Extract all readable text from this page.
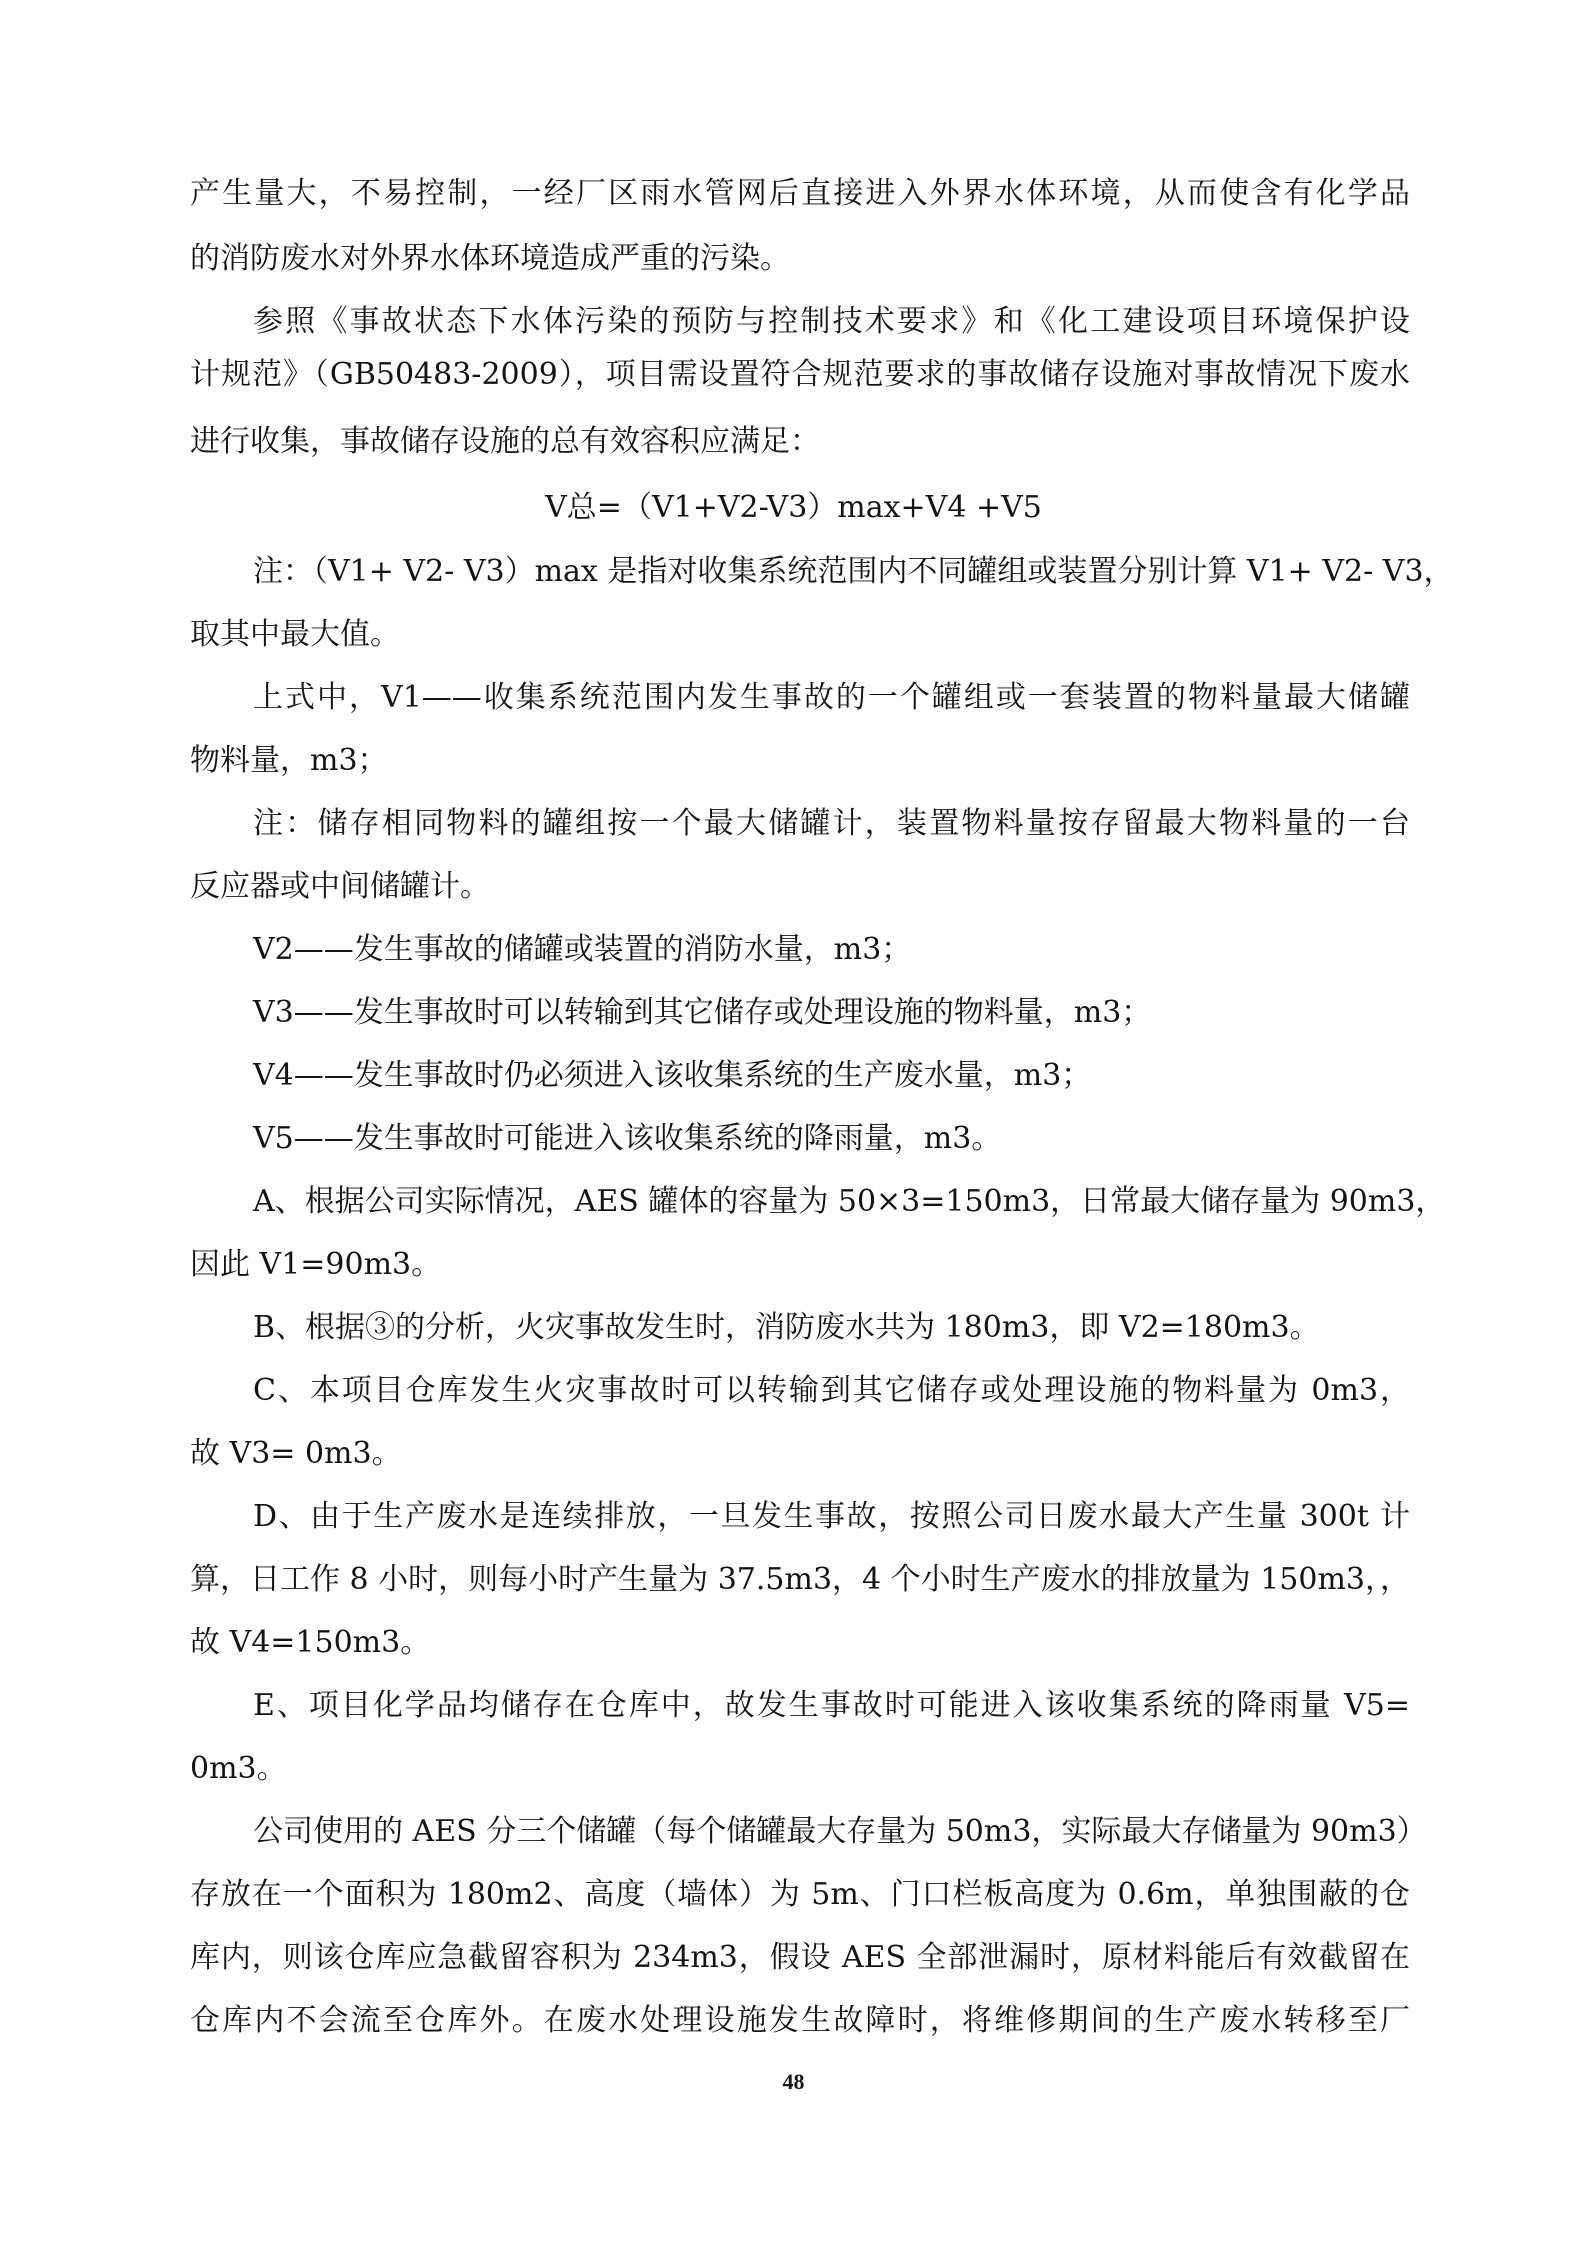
产生量大，不易控制，一经厂区雨水管网后直接进入外界水体环境，从而使含有化学品
的消防废水对外界水体环境造成严重的污染。
参照《事故状态下水体污染的预防与控制技术要求》和《化工建设项目环境保护设
计规范》（GB50483-2009），项目需设置符合规范要求的事故储存设施对事故情况下废水
进行收集，事故储存设施的总有效容积应满足：
V总=（V1+V2-V3）max+V4 +V5
注：（V1+ V2- V3）max 是指对收集系统范围内不同罐组或装置分别计算 V1+ V2- V3，
取其中最大值。
上式中，V1——收集系统范围内发生事故的一个罐组或一套装置的物料量最大储罐
物料量，m3；
注：储存相同物料的罐组按一个最大储罐计，装置物料量按存留最大物料量的一台
反应器或中间储罐计。
V2——发生事故的储罐或装置的消防水量，m3；
V3——发生事故时可以转输到其它储存或处理设施的物料量，m3；
V4——发生事故时仍必须进入该收集系统的生产废水量，m3；
V5——发生事故时可能进入该收集系统的降雨量，m3。
A、根据公司实际情况，AES 罐体的容量为 50×3=150m3，日常最大储存量为 90m3，
因此 V1=90m3。
B、根据③的分析，火灾事故发生时，消防废水共为 180m3，即 V2=180m3。
C、本项目仓库发生火灾事故时可以转输到其它储存或处理设施的物料量为 0m3，
故 V3= 0m3。
D、由于生产废水是连续排放，一旦发生事故，按照公司日废水最大产生量 300t 计
算，日工作 8 小时，则每小时产生量为 37.5m3，4 个小时生产废水的排放量为 150m3，，
故 V4=150m3。
E、项目化学品均储存在仓库中，故发生事故时可能进入该收集系统的降雨量 V5=
0m3。
公司使用的 AES 分三个储罐（每个储罐最大存量为 50m3，实际最大存储量为 90m3）
存放在一个面积为 180m2、高度（墙体）为 5m、门口栏板高度为 0.6m，单独围蔽的仓
库内，则该仓库应急截留容积为 234m3，假设 AES 全部泄漏时，原材料能后有效截留在
仓库内不会流至仓库外。在废水处理设施发生故障时，将维修期间的生产废水转移至厂
48
